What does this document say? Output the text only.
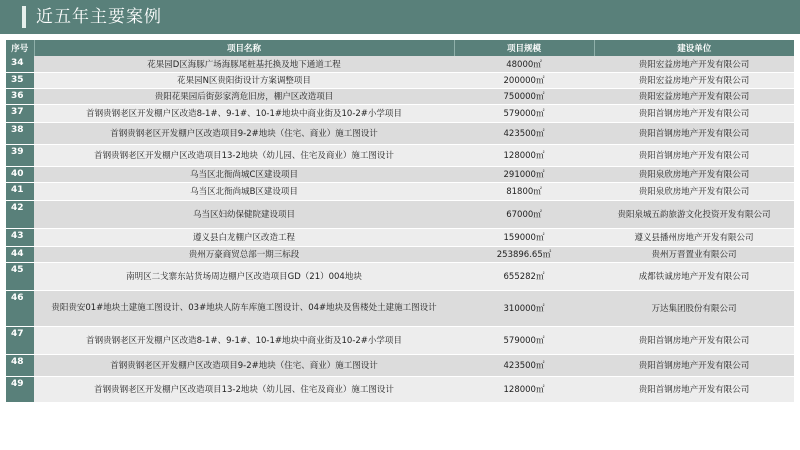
近五年主要案例
序号	项目名称	项目规模	建设单位
34	花果园D区海豚广场海豚尾桩基托换及地下通道工程	48000㎡	贵阳宏益房地产开发有限公司
35	花果园N区贵阳街设计方案调整项目	200000㎡	贵阳宏益房地产开发有限公司
36	贵阳花果园后街彭家湾危旧房，棚户区改造项目	750000㎡	贵阳宏益房地产开发有限公司
37	首钢贵钢老区开发棚户区改造8-1#、9-1#、10-1#地块中商业街及10-2#小学项目	579000㎡	贵阳首钢房地产开发有限公司
38	首钢贵钢老区开发棚户区改造项目9-2#地块（住宅、商业）施工图设计	423500㎡	贵阳首钢房地产开发有限公司
39	首钢贵钢老区开发棚户区改造项目13-2地块（幼儿园、住宅及商业）施工图设计	128000㎡	贵阳首钢房地产开发有限公司
40	乌当区北衙尚城C区建设项目	291000㎡	贵阳泉欣房地产开发有限公司
41	乌当区北衙尚城B区建设项目	81800㎡	贵阳泉欣房地产开发有限公司
42	乌当区妇幼保健院建设项目	67000㎡	贵阳泉城五韵旅游文化投资开发有限公司
43	遵义县白龙棚户区改造工程	159000㎡	遵义县播州房地产开发有限公司
44	贵州万豪商贸总部一期三标段	253896.65㎡	贵州万晋置业有限公司
45	南明区二戈寨东站货场周边棚户区改造项目GD（21）004地块	655282㎡	成都铁诚房地产开发有限公司
46	贵阳贵安01#地块土建施工图设计、03#地块人防车库施工图设计、04#地块及售楼处土建施工图设计	310000㎡	万达集团股份有限公司
47	首钢贵钢老区开发棚户区改造8-1#、9-1#、10-1#地块中商业街及10-2#小学项目	579000㎡	贵阳首钢房地产开发有限公司
48	首钢贵钢老区开发棚户区改造项目9-2#地块（住宅、商业）施工图设计	423500㎡	贵阳首钢房地产开发有限公司
49	首钢贵钢老区开发棚户区改造项目13-2地块（幼儿园、住宅及商业）施工图设计	128000㎡	贵阳首钢房地产开发有限公司
